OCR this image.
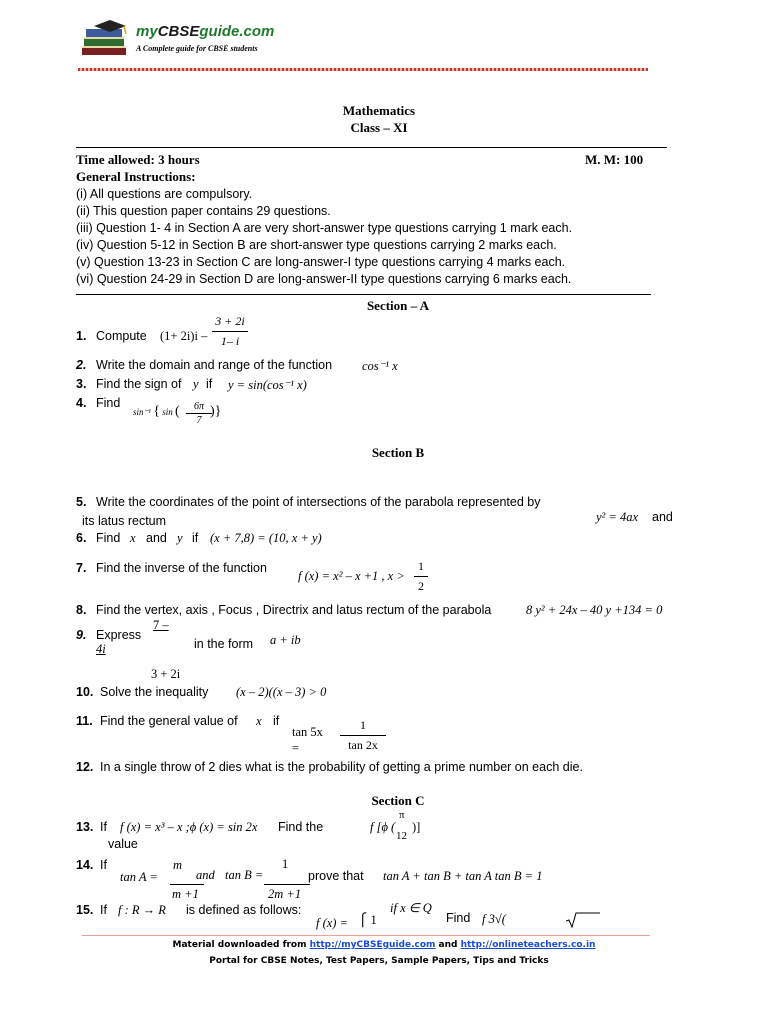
myCBSEguide.com
A Complete guide for CBSE students
Mathematics
Class – XI
Time allowed: 3 hours	M. M: 100
General Instructions:
(i) All questions are compulsory.
(ii) This question paper contains 29 questions.
(iii) Question 1- 4 in Section A are very short-answer type questions carrying 1 mark each.
(iv) Question 5-12 in Section B are short-answer type questions carrying 2 marks each.
(v) Question 13-23 in Section C are long-answer-I type questions carrying 4 marks each.
(vi) Question 24-29 in Section D are long-answer-II type questions carrying 6 marks each.
Section – A
1. Compute (1+ 2i)i –
3 + 2i
1– i
2. Write the domain and range of the function cos⁻¹ x
3. Find the sign of y if y = sin(cos⁻¹ x)
4. Find
sin⁻¹ { sin (	6π
7
)}
Section B
5. Write the coordinates of the point of intersections of the parabola represented by
its latus rectum	y² = 4ax and
6. Find x and y if (x + 7,8) = (10, x + y)
7. Find the inverse of the function
f (x) = x² – x +1 , x >
1
2
8. Find the vertex, axis , Focus , Directrix and latus rectum of the parabola	8 y² + 24x – 40 y +134 = 0
9. Express
7 –
4i	in the form a + ib
3 + 2i
10. Solve the inequality (x – 2)((x – 3) > 0
11. Find the general value of x if
tan 5x
=
1
tan 2x
12. In a single throw of 2 dies what is the probability of getting a prime number on each die.
Section C
13. If f (x) = x³ – x ;ϕ (x) = sin 2x Find the
value
f [ϕ (
π
12
)]
14. If
tan A =
m
m +1
and tan B =
1
2m +1
prove that tan A + tan B + tan A tan B = 1
15. If f : R → R is defined as follows:
f (x) = ⎧ 1
if x ∈ Q
Find f 3√(
Material downloaded from http://myCBSEguide.com and http://onlineteachers.co.in
Portal for CBSE Notes, Test Papers, Sample Papers, Tips and Tricks
